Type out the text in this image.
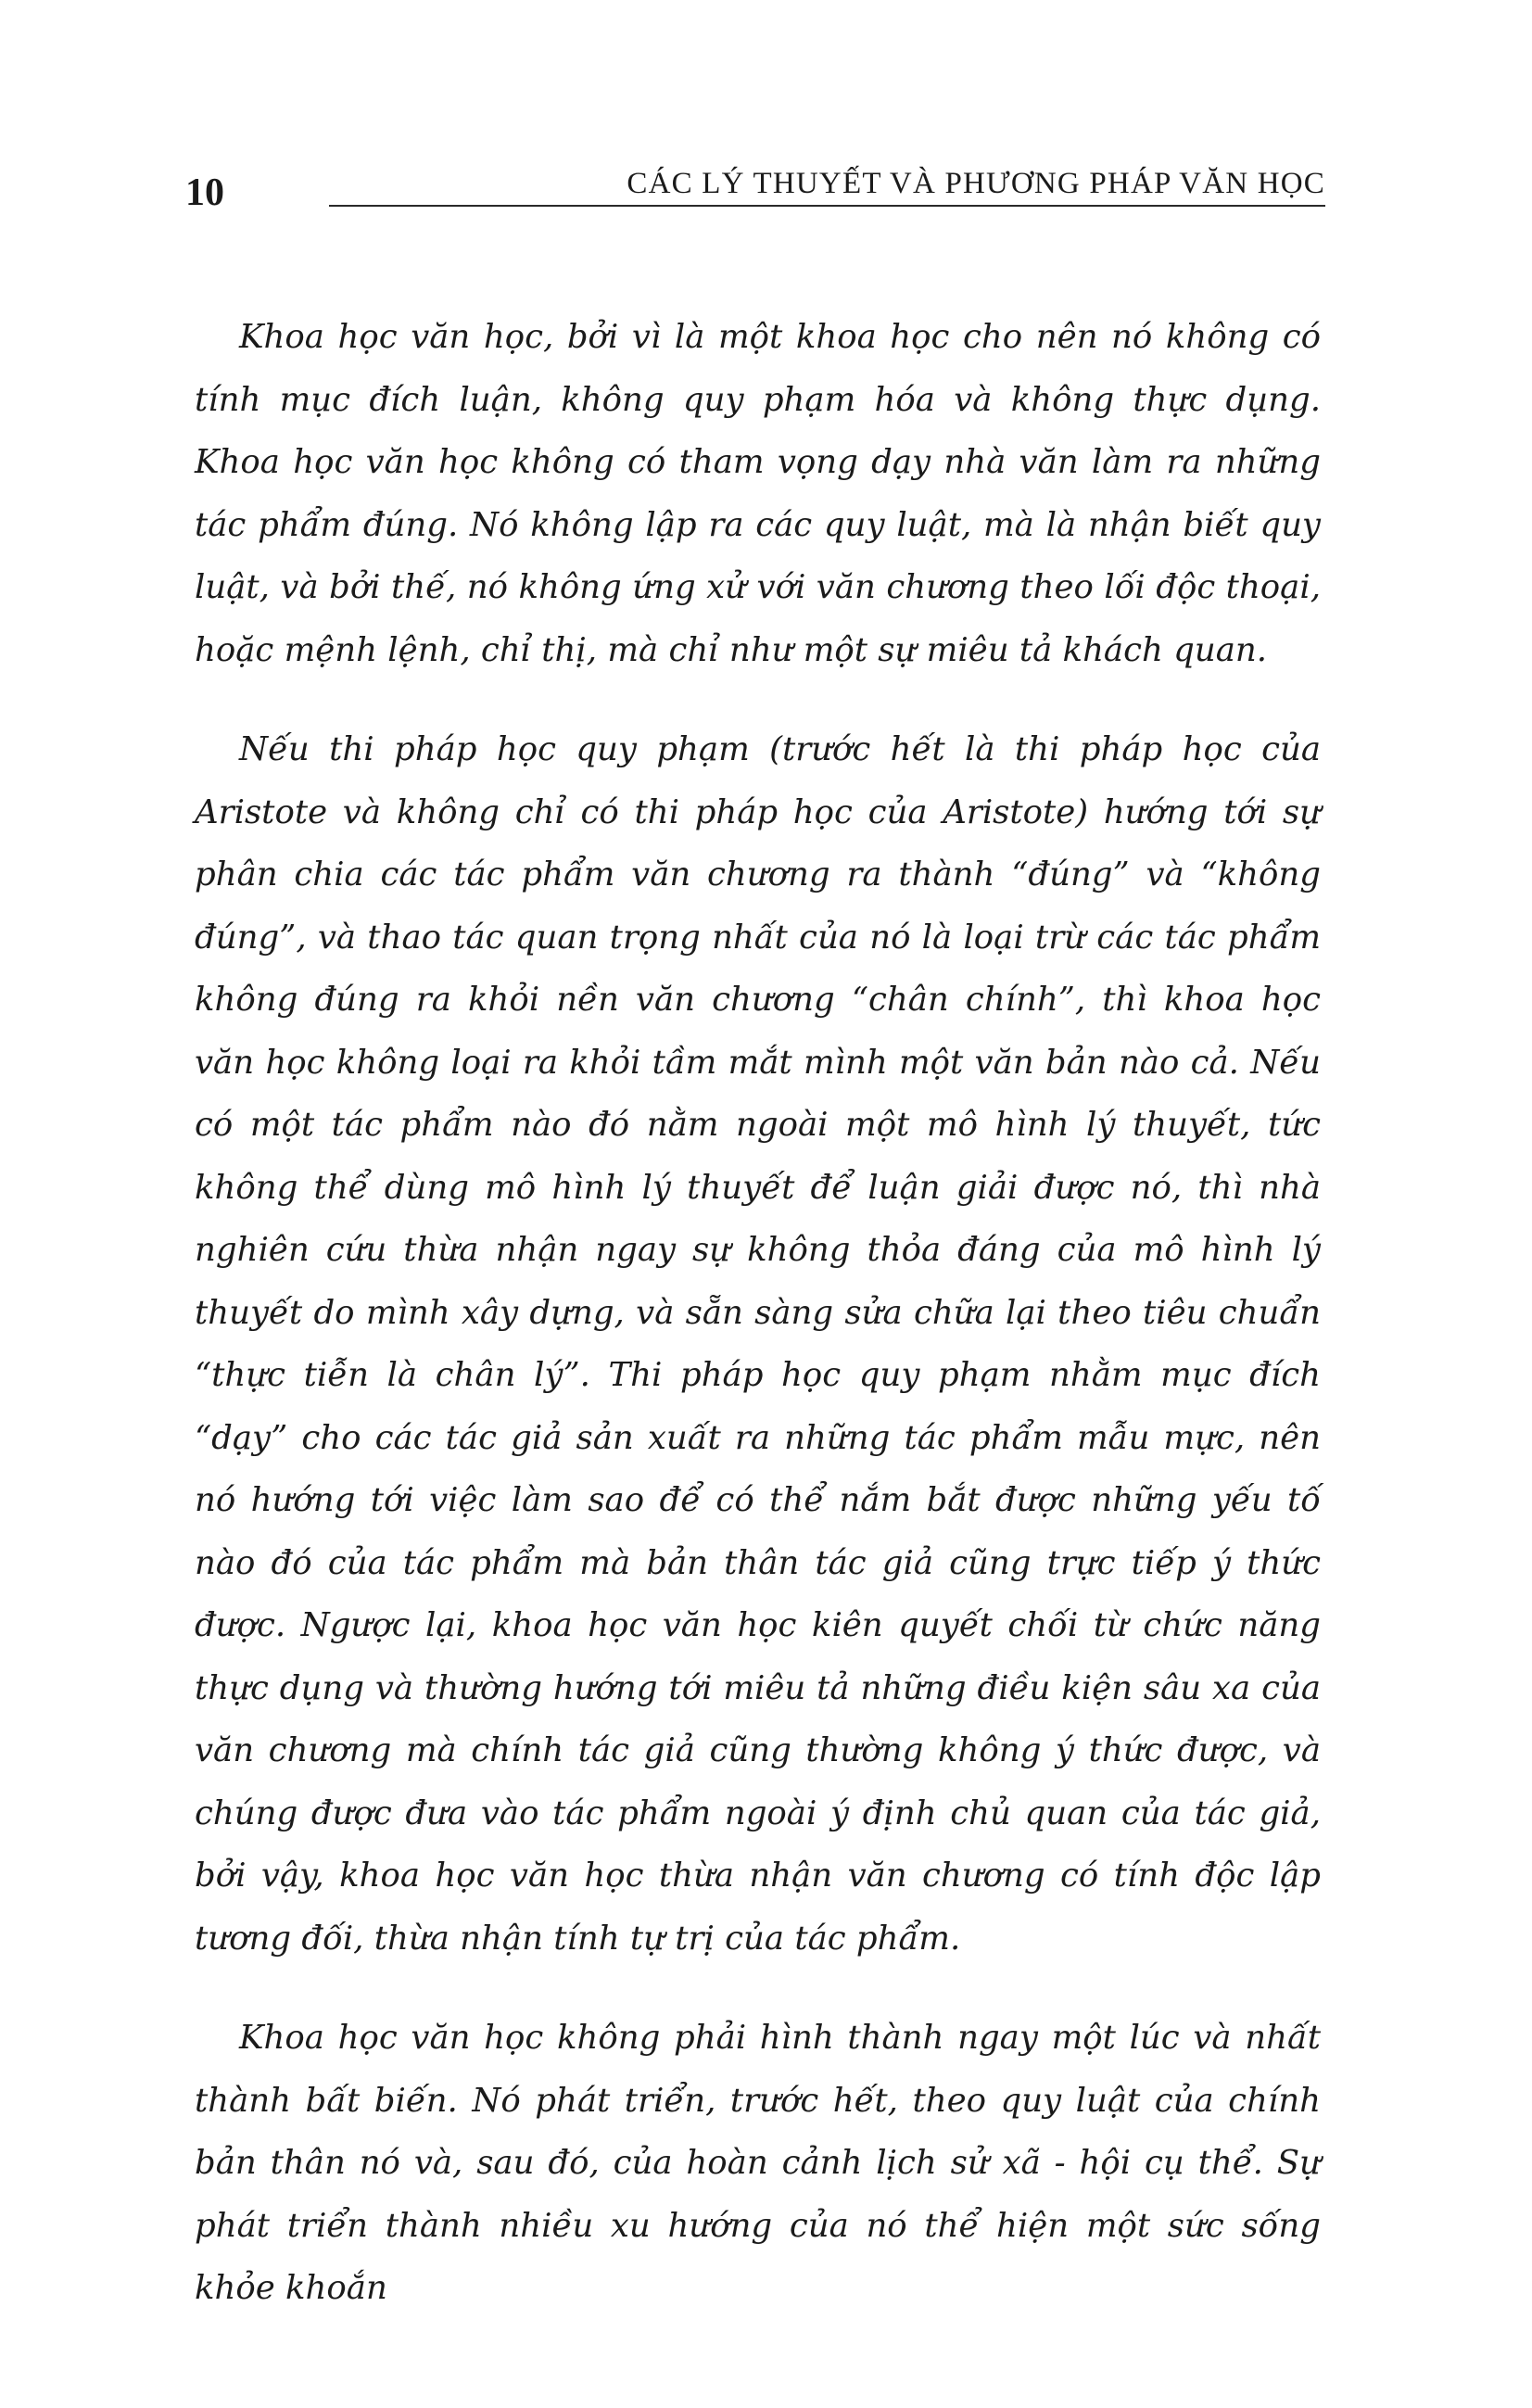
10	CÁC LÝ THUYẾT VÀ PHƯƠNG PHÁP VĂN HỌC

Khoa học văn học, bởi vì là một khoa học cho nên nó không có tính mục đích luận, không quy phạm hóa và không thực dụng. Khoa học văn học không có tham vọng dạy nhà văn làm ra những tác phẩm đúng. Nó không lập ra các quy luật, mà là nhận biết quy luật, và bởi thế, nó không ứng xử với văn chương theo lối độc thoại, hoặc mệnh lệnh, chỉ thị, mà chỉ như một sự miêu tả khách quan.

Nếu thi pháp học quy phạm (trước hết là thi pháp học của Aristote và không chỉ có thi pháp học của Aristote) hướng tới sự phân chia các tác phẩm văn chương ra thành “đúng” và “không đúng”, và thao tác quan trọng nhất của nó là loại trừ các tác phẩm không đúng ra khỏi nền văn chương “chân chính”, thì khoa học văn học không loại ra khỏi tầm mắt mình một văn bản nào cả. Nếu có một tác phẩm nào đó nằm ngoài một mô hình lý thuyết, tức không thể dùng mô hình lý thuyết để luận giải được nó, thì nhà nghiên cứu thừa nhận ngay sự không thỏa đáng của mô hình lý thuyết do mình xây dựng, và sẵn sàng sửa chữa lại theo tiêu chuẩn “thực tiễn là chân lý”. Thi pháp học quy phạm nhằm mục đích “dạy” cho các tác giả sản xuất ra những tác phẩm mẫu mực, nên nó hướng tới việc làm sao để có thể nắm bắt được những yếu tố nào đó của tác phẩm mà bản thân tác giả cũng trực tiếp ý thức được. Ngược lại, khoa học văn học kiên quyết chối từ chức năng thực dụng và thường hướng tới miêu tả những điều kiện sâu xa của văn chương mà chính tác giả cũng thường không ý thức được, và chúng được đưa vào tác phẩm ngoài ý định chủ quan của tác giả, bởi vậy, khoa học văn học thừa nhận văn chương có tính độc lập tương đối, thừa nhận tính tự trị của tác phẩm.

Khoa học văn học không phải hình thành ngay một lúc và nhất thành bất biến. Nó phát triển, trước hết, theo quy luật của chính bản thân nó và, sau đó, của hoàn cảnh lịch sử xã - hội cụ thể. Sự phát triển thành nhiều xu hướng của nó thể hiện một sức sống khỏe khoắn
